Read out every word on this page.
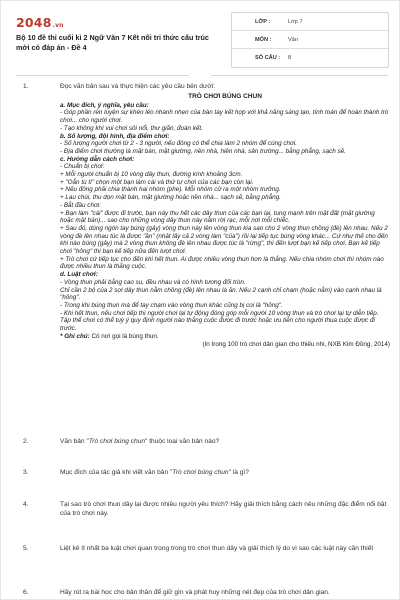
2048.vn
Bộ 10 đề thi cuối kì 2 Ngữ Văn 7 Kết nối tri thức cấu trúc
mới có đáp án - Đề 4
LỚP :	Lớp 7
MÔN :	Văn
SỐ CÂU : 8
1.	Đọc văn bản sau và thực hiện các yêu cầu bên dưới:
TRÒ CHƠI BÚNG CHUN
a. Mục đích, ý nghĩa, yêu cầu:
- Góp phần rèn luyện sự khéo léo nhanh nhẹn của bàn tay kết hợp với khả năng sáng tạo, tính toán để hoàn thành trò chơi... cho người chơi.
- Tạo không khí vui chơi sôi nổi, thư giãn, đoàn kết.
b. Số lượng, đội hình, địa điểm chơi:
- Số lượng người chơi từ 2 - 3 người, nếu đông có thể chia làm 2 nhóm để cùng chơi.
- Địa điểm chơi thường là mặt bàn, mặt giường, nền nhà, hiên nhà, sân trường... bằng phẳng, sạch sẽ.
c. Hướng dẫn cách chơi:
- Chuẩn bị chơi:
+ Mỗi người chuẩn bị 10 vòng dây thun, đường kính khoảng 3cm.
+ "Oẳn tù tì" chọn một bạn làm cái và thứ tự chơi của các bạn còn lại.
+ Nếu đông phải chia thành hai nhóm (phe). Mỗi nhóm cử ra một nhóm trưởng.
+ Lau chùi, thu dọn mặt bàn, mặt giường hoặc nền nhà... sạch sẽ, bằng phẳng.
- Bắt đầu chơi:
+ Bạn làm "cái" được đi trước, bạn này thu hết các dây thun của các bạn lại, tung mạnh trên mặt đất (mặt giường hoặc mặt bàn)... sao cho những vòng dây thun này nằm rời rạc, mỗi nơi mỗi chiếc.
+ Sau đó, dùng ngón tay búng (gảy) vòng thun này lên vòng thun kia sao cho 2 vòng thun chồng (đè) lên nhau. Nếu 2 vòng đè lên nhau túc là được "ăn" (nhặt lấy cả 2 vòng làm "của") rồi lại tiếp tục búng vòng khác... Cứ như thế cho đến khi nào búng (gảy) mà 2 vòng thun không đè lên nhau được túc là "rừng", thì đến lượt bạn kế tiếp chơi. Bạn kế tiếp chơi "hỏng" thì bạn kế tiếp nữa đến lượt chơi.
+ Trò chơi cứ tiếp tục cho đến khi hết thun. Ai được nhiều vòng thun hơn là thắng. Nếu chia nhóm chơi thì nhóm nào được nhiều thun là thắng cuộc.
d. Luật chơi:
- Vòng thun phải bằng cao su, đều nhau và có hình tương đối tròn.
Chỉ cần 2 bộ của 2 sợi dây thun nằm chồng (đè) lên nhau là ăn. Nếu 2 cạnh chỉ chạm (hoặc nằm) vào cạnh nhau là "hỏng".
- Trong khi búng thun mà để tay chạm vào vòng thun khác cũng bị coi là "hỏng".
- Khi hết thun, nếu chơi tiếp thì người chơi lại tự động đóng góp mỗi người 10 vòng thun và trò chơi lại tự diễn tiếp. Tập thể chơi có thể tuỳ ý quy định người nào thắng cuộc được đi trước hoặc ưu tiên cho người thua cuộc được đi trước.
* Ghi chú: Có nơi gọi là búng thun.
(In trong 100 trò chơi dân gian cho thiếu nhi, NXB Kim Đồng, 2014)
2.	Văn bản "Trò chơi búng chun" thuộc loại văn bản nào?
3.	Mục đích của tác giả khi viết văn bản "Trò chơi búng chun" là gì?
4.	Tại sao trò chơi thun dây lại được nhiều người yêu thích? Hãy giải thích bằng cách nêu những đặc điểm nổi bật của trò chơi này.
5.	Liệt kê ít nhất ba luật chơi quan trọng trong trò chơi thun dây và giải thích lý do vì sao các luật này cần thiết
6.	Hãy rút ra bài học cho bản thân để giữ gìn và phát huy những nét đẹp của trò chơi dân gian.
